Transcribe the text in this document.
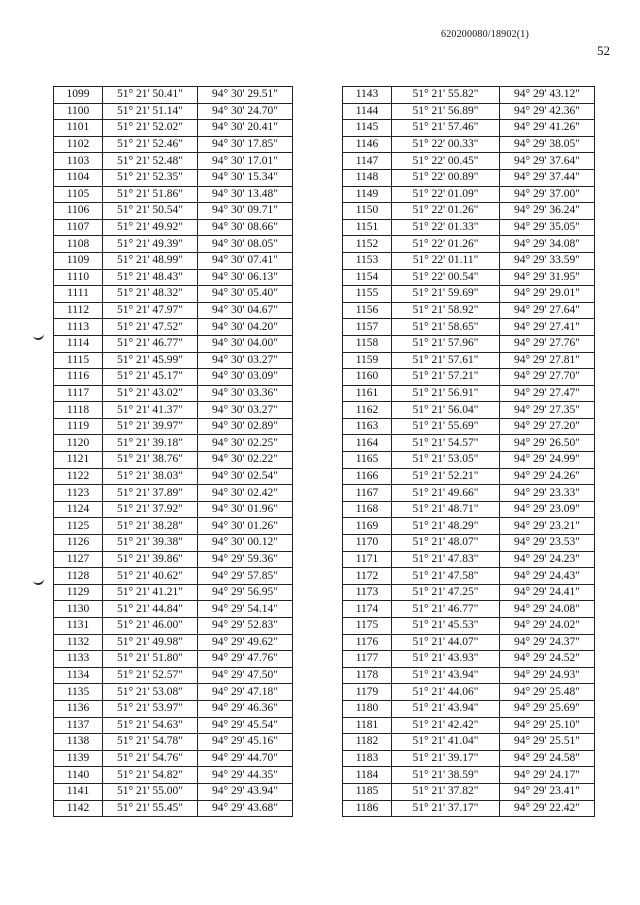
620200080/18902(1)
52
1099	51° 21' 50.41"	94° 30' 29.51"
1100	51° 21' 51.14"	94° 30' 24.70"
1101	51° 21' 52.02"	94° 30' 20.41"
1102	51° 21' 52.46"	94° 30' 17.85"
1103	51° 21' 52.48"	94° 30' 17.01"
1104	51° 21' 52.35"	94° 30' 15.34"
1105	51° 21' 51.86"	94° 30' 13.48"
1106	51° 21' 50.54"	94° 30' 09.71"
1107	51° 21' 49.92"	94° 30' 08.66"
1108	51° 21' 49.39"	94° 30' 08.05"
1109	51° 21' 48.99"	94° 30' 07.41"
1110	51° 21' 48.43"	94° 30' 06.13"
1111	51° 21' 48.32"	94° 30' 05.40"
1112	51° 21' 47.97"	94° 30' 04.67"
1113	51° 21' 47.52"	94° 30' 04.20"
1114	51° 21' 46.77"	94° 30' 04.00"
1115	51° 21' 45.99"	94° 30' 03.27"
1116	51° 21' 45.17"	94° 30' 03.09"
1117	51° 21' 43.02"	94° 30' 03.36"
1118	51° 21' 41.37"	94° 30' 03.27"
1119	51° 21' 39.97"	94° 30' 02.89"
1120	51° 21' 39.18"	94° 30' 02.25"
1121	51° 21' 38.76"	94° 30' 02.22"
1122	51° 21' 38.03"	94° 30' 02.54"
1123	51° 21' 37.89"	94° 30' 02.42"
1124	51° 21' 37.92"	94° 30' 01.96"
1125	51° 21' 38.28"	94° 30' 01.26"
1126	51° 21' 39.38"	94° 30' 00.12"
1127	51° 21' 39.86"	94° 29' 59.36"
1128	51° 21' 40.62"	94° 29' 57.85"
1129	51° 21' 41.21"	94° 29' 56.95"
1130	51° 21' 44.84"	94° 29' 54.14"
1131	51° 21' 46.00"	94° 29' 52.83"
1132	51° 21' 49.98"	94° 29' 49.62"
1133	51° 21' 51.80"	94° 29' 47.76"
1134	51° 21' 52.57"	94° 29' 47.50"
1135	51° 21' 53.08"	94° 29' 47.18"
1136	51° 21' 53.97"	94° 29' 46.36"
1137	51° 21' 54.63"	94° 29' 45.54"
1138	51° 21' 54.78"	94° 29' 45.16"
1139	51° 21' 54.76"	94° 29' 44.70"
1140	51° 21' 54.82"	94° 29' 44.35"
1141	51° 21' 55.00"	94° 29' 43.94"
1142	51° 21' 55.45"	94° 29' 43.68"
1143	51° 21' 55.82"	94° 29' 43.12"
1144	51° 21' 56.89"	94° 29' 42.36"
1145	51° 21' 57.46"	94° 29' 41.26"
1146	51° 22' 00.33"	94° 29' 38.05"
1147	51° 22' 00.45"	94° 29' 37.64"
1148	51° 22' 00.89"	94° 29' 37.44"
1149	51° 22' 01.09"	94° 29' 37.00"
1150	51° 22' 01.26"	94° 29' 36.24"
1151	51° 22' 01.33"	94° 29' 35.05"
1152	51° 22' 01.26"	94° 29' 34.08"
1153	51° 22' 01.11"	94° 29' 33.59"
1154	51° 22' 00.54"	94° 29' 31.95"
1155	51° 21' 59.69"	94° 29' 29.01"
1156	51° 21' 58.92"	94° 29' 27.64"
1157	51° 21' 58.65"	94° 29' 27.41"
1158	51° 21' 57.96"	94° 29' 27.76"
1159	51° 21' 57.61"	94° 29' 27.81"
1160	51° 21' 57.21"	94° 29' 27.70"
1161	51° 21' 56.91"	94° 29' 27.47"
1162	51° 21' 56.04"	94° 29' 27.35"
1163	51° 21' 55.69"	94° 29' 27.20"
1164	51° 21' 54.57"	94° 29' 26.50"
1165	51° 21' 53.05"	94° 29' 24.99"
1166	51° 21' 52.21"	94° 29' 24.26"
1167	51° 21' 49.66"	94° 29' 23.33"
1168	51° 21' 48.71"	94° 29' 23.09"
1169	51° 21' 48.29"	94° 29' 23.21"
1170	51° 21' 48.07"	94° 29' 23.53"
1171	51° 21' 47.83"	94° 29' 24.23"
1172	51° 21' 47.58"	94° 29' 24.43"
1173	51° 21' 47.25"	94° 29' 24.41"
1174	51° 21' 46.77"	94° 29' 24.08"
1175	51° 21' 45.53"	94° 29' 24.02"
1176	51° 21' 44.07"	94° 29' 24.37"
1177	51° 21' 43.93"	94° 29' 24.52"
1178	51° 21' 43.94"	94° 29' 24.93"
1179	51° 21' 44.06"	94° 29' 25.48"
1180	51° 21' 43.94"	94° 29' 25.69"
1181	51° 21' 42.42"	94° 29' 25.10"
1182	51° 21' 41.04"	94° 29' 25.51"
1183	51° 21' 39.17"	94° 29' 24.58"
1184	51° 21' 38.59"	94° 29' 24.17"
1185	51° 21' 37.82"	94° 29' 23.41"
1186	51° 21' 37.17"	94° 29' 22.42"
